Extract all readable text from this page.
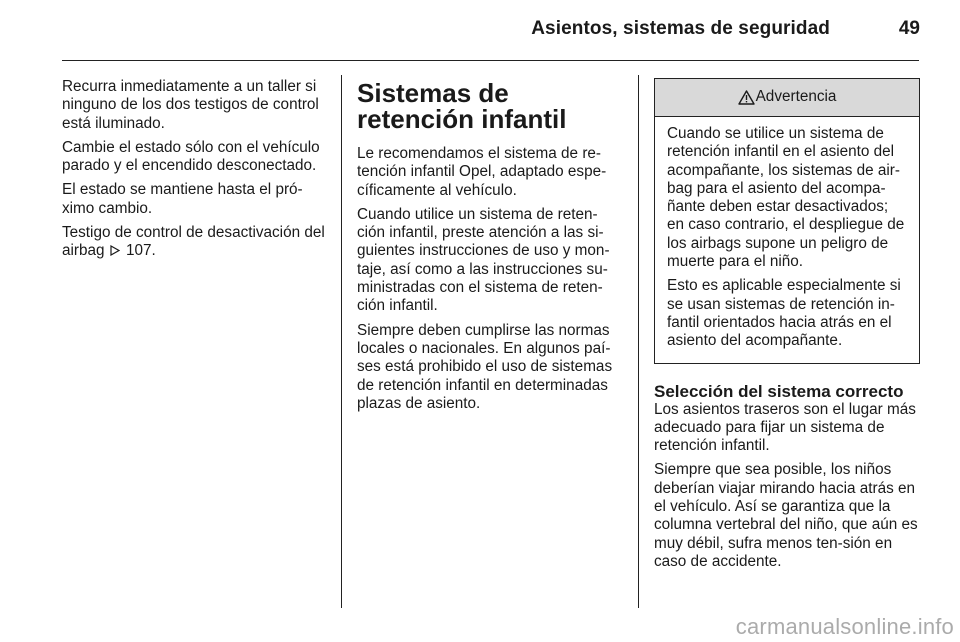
Asientos, sistemas de seguridad	49

Recurra inmediatamente a un taller si ninguno de los dos testigos de control está iluminado.

Cambie el estado sólo con el vehículo parado y el encendido desconectado.

El estado se mantiene hasta el pró-ximo cambio.

Testigo de control de desactivación del airbag 107.

Sistemas de retención infantil

Le recomendamos el sistema de re-tención infantil Opel, adaptado espe-cíficamente al vehículo.

Cuando utilice un sistema de reten-ción infantil, preste atención a las si-guientes instrucciones de uso y mon-taje, así como a las instrucciones su-ministradas con el sistema de reten-ción infantil.

Siempre deben cumplirse las normas locales o nacionales. En algunos paí-ses está prohibido el uso de sistemas de retención infantil en determinadas plazas de asiento.

Advertencia

Cuando se utilice un sistema de retención infantil en el asiento del acompañante, los sistemas de air-bag para el asiento del acompa-ñante deben estar desactivados; en caso contrario, el despliegue de los airbags supone un peligro de muerte para el niño.

Esto es aplicable especialmente si se usan sistemas de retención in-fantil orientados hacia atrás en el asiento del acompañante.

Selección del sistema correcto

Los asientos traseros son el lugar más adecuado para fijar un sistema de retención infantil.

Siempre que sea posible, los niños deberían viajar mirando hacia atrás en el vehículo. Así se garantiza que la columna vertebral del niño, que aún es muy débil, sufra menos ten-sión en caso de accidente.

carmanualsonline.info
